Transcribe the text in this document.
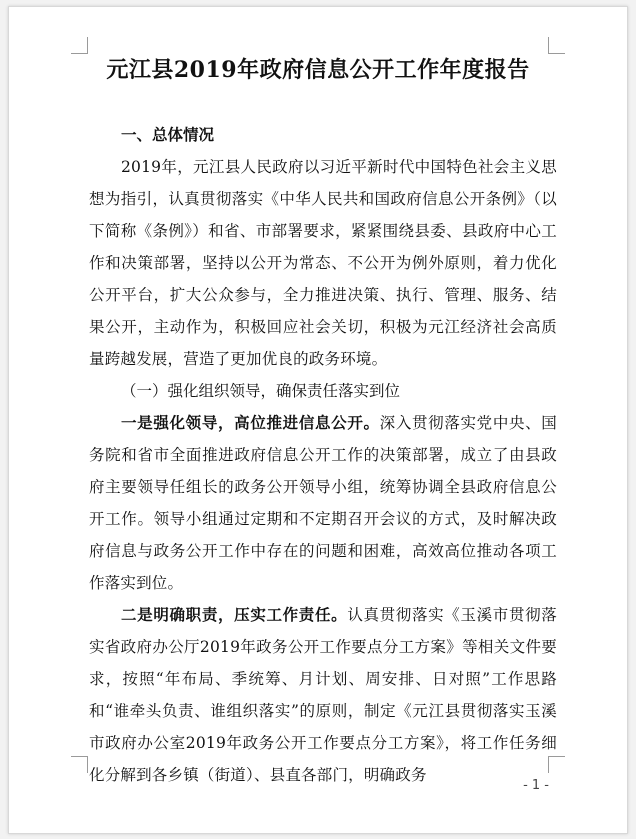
元江县2019年政府信息公开工作年度报告

一、总体情况

2019年，元江县人民政府以习近平新时代中国特色社会主义思想为指引，认真贯彻落实《中华人民共和国政府信息公开条例》（以下简称《条例》）和省、市部署要求，紧紧围绕县委、县政府中心工作和决策部署，坚持以公开为常态、不公开为例外原则，着力优化公开平台，扩大公众参与，全力推进决策、执行、管理、服务、结果公开，主动作为，积极回应社会关切，积极为元江经济社会高质量跨越发展，营造了更加优良的政务环境。

（一）强化组织领导，确保责任落实到位

一是强化领导，高位推进信息公开。深入贯彻落实党中央、国务院和省市全面推进政府信息公开工作的决策部署，成立了由县政府主要领导任组长的政务公开领导小组，统筹协调全县政府信息公开工作。领导小组通过定期和不定期召开会议的方式，及时解决政府信息与政务公开工作中存在的问题和困难，高效高位推动各项工作落实到位。

二是明确职责，压实工作责任。认真贯彻落实《玉溪市贯彻落实省政府办公厅2019年政务公开工作要点分工方案》等相关文件要求，按照“年布局、季统筹、月计划、周安排、日对照”工作思路和“谁牵头负责、谁组织落实”的原则，制定《元江县贯彻落实玉溪市政府办公室2019年政务公开工作要点分工方案》，将工作任务细化分解到各乡镇（街道）、县直各部门，明确政务

- 1 -
